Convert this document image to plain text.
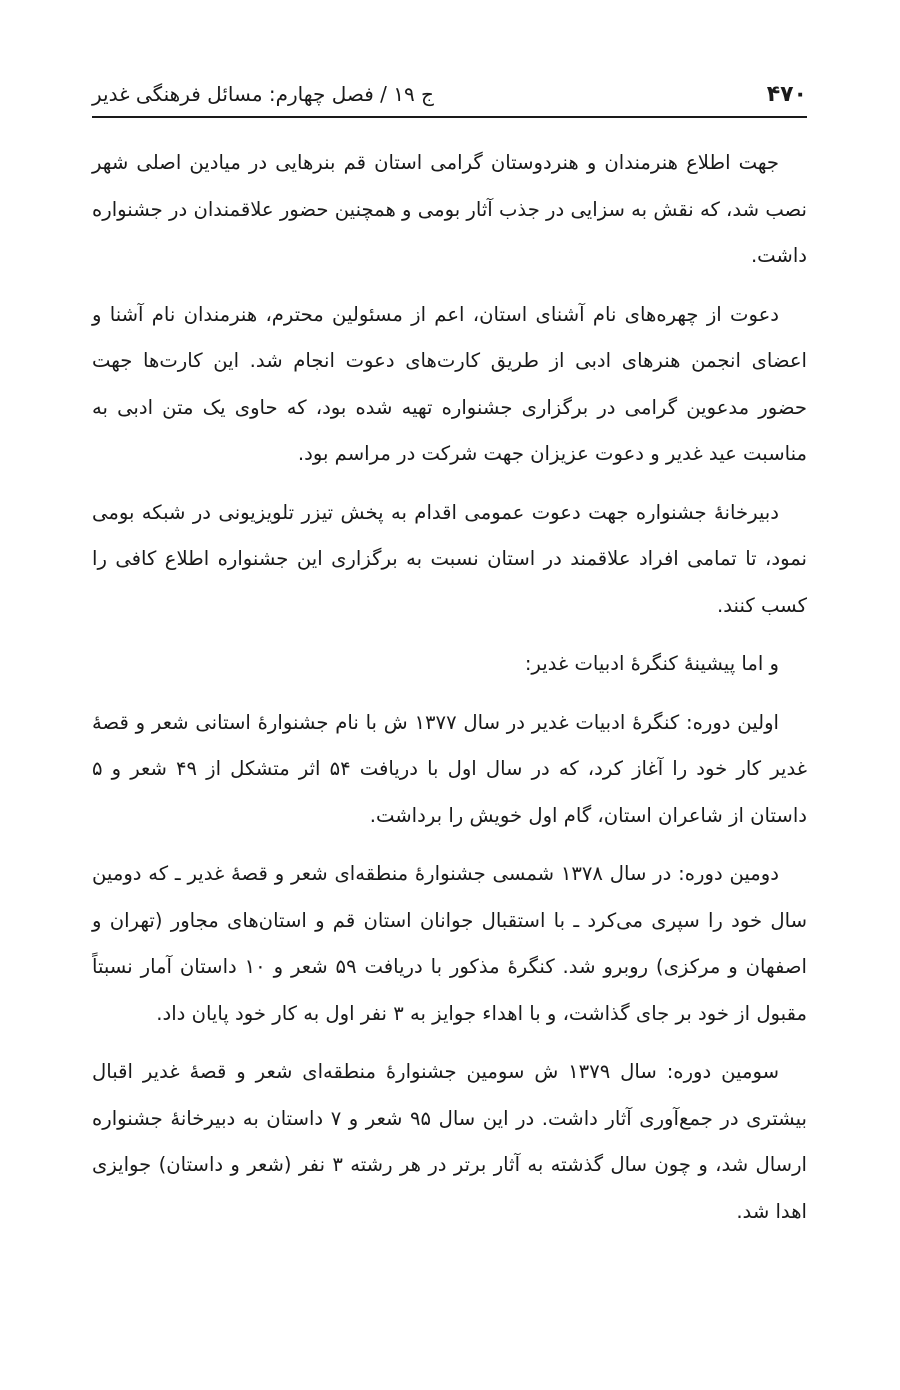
۴۷۰
ج ۱۹ / فصل چهارم: مسائل فرهنگی غدیر

جهت اطلاع هنرمندان و هنردوستان گرامی استان قم بنرهایی در میادین اصلی شهر نصب شد، که نقش به سزایی در جذب آثار بومی و همچنین حضور علاقمندان در جشنواره داشت.

دعوت از چهره‌های نام آشنای استان، اعم از مسئولین محترم، هنرمندان نام آشنا و اعضای انجمن هنرهای ادبی از طریق کارت‌های دعوت انجام شد. این کارت‌ها جهت حضور مدعوین گرامی در برگزاری جشنواره تهیه شده بود، که حاوی یک متن ادبی به مناسبت عید غدیر و دعوت عزیزان جهت شرکت در مراسم بود.

دبیرخانهٔ جشنواره جهت دعوت عمومی اقدام به پخش تیزر تلویزیونی در شبکه بومی نمود، تا تمامی افراد علاقمند در استان نسبت به برگزاری این جشنواره اطلاع کافی را کسب کنند.

و اما پیشینهٔ کنگرهٔ ادبیات غدیر:

اولین دوره: کنگرهٔ ادبیات غدیر در سال ۱۳۷۷ ش با نام جشنوارهٔ استانی شعر و قصهٔ غدیر کار خود را آغاز کرد، که در سال اول با دریافت ۵۴ اثر متشکل از ۴۹ شعر و ۵ داستان از شاعران استان، گام اول خویش را برداشت.

دومین دوره: در سال ۱۳۷۸ شمسی جشنوارهٔ منطقه‌ای شعر و قصهٔ غدیر ـ که دومین سال خود را سپری می‌کرد ـ با استقبال جوانان استان قم و استان‌های مجاور (تهران و اصفهان و مرکزی) روبرو شد. کنگرهٔ مذکور با دریافت ۵۹ شعر و ۱۰ داستان آمار نسبتاً مقبول از خود بر جای گذاشت، و با اهداء جوایز به ۳ نفر اول به کار خود پایان داد.

سومین دوره: سال ۱۳۷۹ ش سومین جشنوارهٔ منطقه‌ای شعر و قصهٔ غدیر اقبال بیشتری در جمع‌آوری آثار داشت. در این سال ۹۵ شعر و ۷ داستان به دبیرخانهٔ جشنواره ارسال شد، و چون سال گذشته به آثار برتر در هر رشته ۳ نفر (شعر و داستان) جوایزی اهدا شد.
